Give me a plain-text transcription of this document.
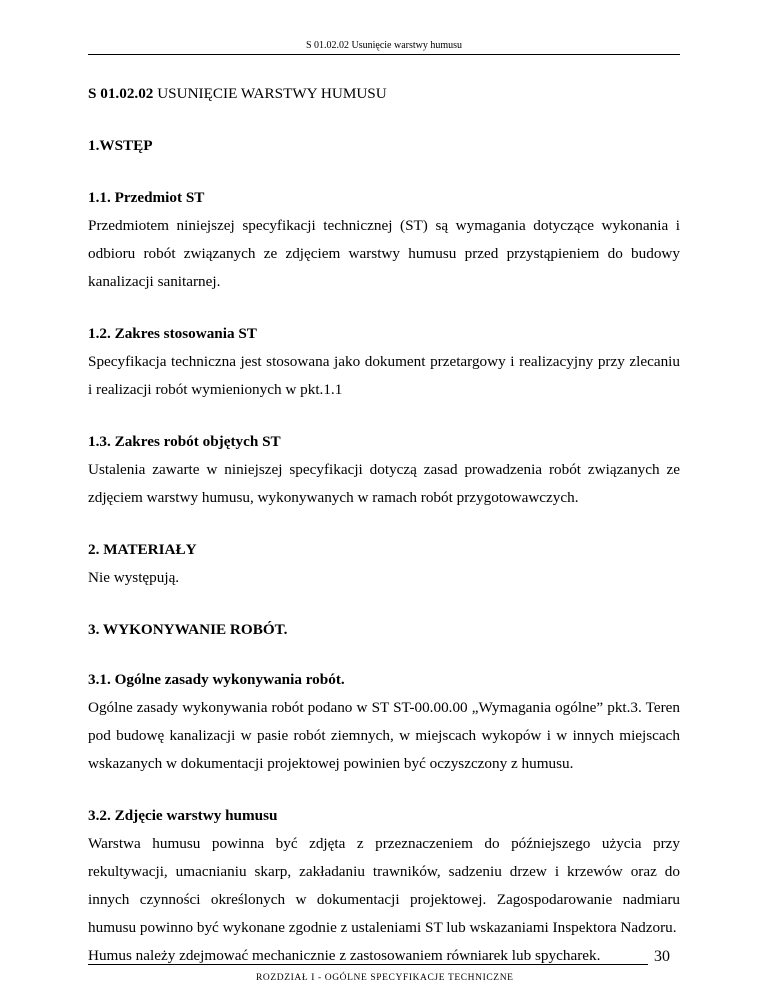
S 01.02.02 Usunięcie warstwy humusu

S 01.02.02 USUNIĘCIE WARSTWY HUMUSU

1.WSTĘP

1.1. Przedmiot ST

Przedmiotem niniejszej specyfikacji technicznej (ST) są wymagania dotyczące wykonania i odbioru robót związanych ze zdjęciem warstwy humusu przed przystąpieniem do budowy kanalizacji sanitarnej.

1.2. Zakres stosowania ST

Specyfikacja techniczna jest stosowana jako dokument przetargowy i realizacyjny przy zlecaniu i realizacji robót wymienionych w pkt.1.1

1.3. Zakres robót objętych ST

Ustalenia zawarte w niniejszej specyfikacji dotyczą zasad prowadzenia robót związanych ze zdjęciem warstwy humusu, wykonywanych w ramach robót przygotowawczych.

2. MATERIAŁY

Nie występują.

3. WYKONYWANIE ROBÓT.

3.1. Ogólne zasady wykonywania robót.

Ogólne zasady wykonywania robót podano w ST ST-00.00.00 „Wymagania ogólne” pkt.3. Teren pod budowę kanalizacji w pasie robót ziemnych, w miejscach wykopów i w innych miejscach wskazanych w dokumentacji projektowej powinien być oczyszczony z humusu.

3.2. Zdjęcie warstwy humusu

Warstwa humusu powinna być zdjęta z przeznaczeniem do późniejszego użycia przy rekultywacji, umacnianiu skarp, zakładaniu trawników, sadzeniu drzew i krzewów oraz do innych czynności określonych w dokumentacji projektowej. Zagospodarowanie nadmiaru humusu powinno być wykonane zgodnie z ustaleniami ST lub wskazaniami Inspektora Nadzoru.

Humus należy zdejmować mechanicznie z zastosowaniem równiarek lub spycharek.	30
ROZDZIAŁ I - OGÓLNE SPECYFIKACJE TECHNICZNE
